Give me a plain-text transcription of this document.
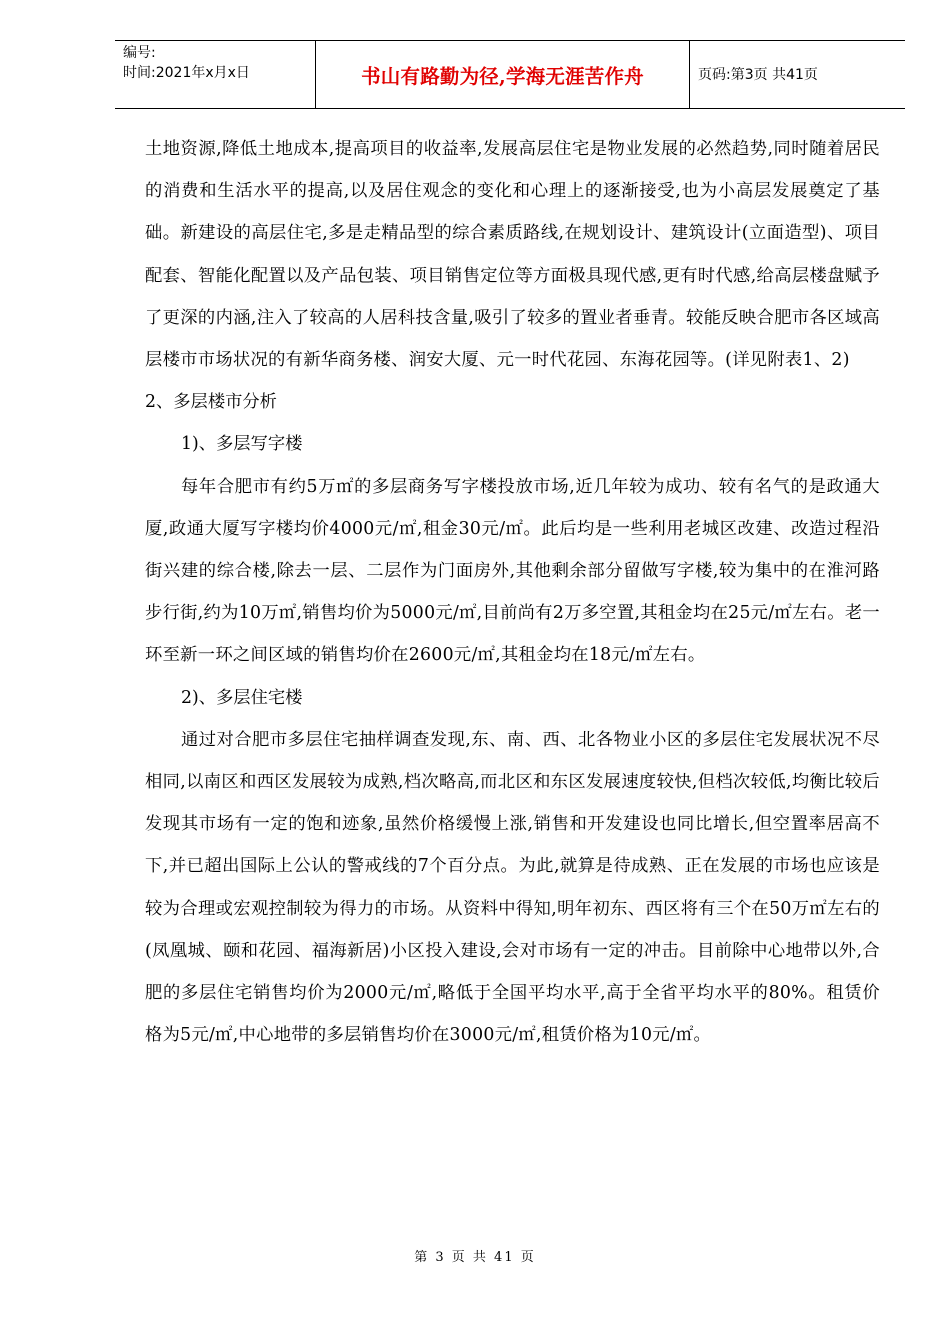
编号:
时间:2021年x月x日	书山有路勤为径,学海无涯苦作舟	页码:第3页 共41页
土地资源,降低土地成本,提高项目的收益率,发展高层住宅是物业发展的必然趋势,同时随着居民的消费和生活水平的提高,以及居住观念的变化和心理上的逐渐接受,也为小高层发展奠定了基础。新建设的高层住宅,多是走精品型的综合素质路线,在规划设计、建筑设计(立面造型)、项目配套、智能化配置以及产品包装、项目销售定位等方面极具现代感,更有时代感,给高层楼盘赋予了更深的内涵,注入了较高的人居科技含量,吸引了较多的置业者垂青。较能反映合肥市各区域高层楼市市场状况的有新华商务楼、润安大厦、元一时代花园、东海花园等。(详见附表1、2)
2、多层楼市分析
1)、多层写字楼
每年合肥市有约5万㎡的多层商务写字楼投放市场,近几年较为成功、较有名气的是政通大厦,政通大厦写字楼均价4000元/㎡,租金30元/㎡。此后均是一些利用老城区改建、改造过程沿街兴建的综合楼,除去一层、二层作为门面房外,其他剩余部分留做写字楼,较为集中的在淮河路步行街,约为10万㎡,销售均价为5000元/㎡,目前尚有2万多空置,其租金均在25元/㎡左右。老一环至新一环之间区域的销售均价在2600元/㎡,其租金均在18元/㎡左右。
2)、多层住宅楼
通过对合肥市多层住宅抽样调查发现,东、南、西、北各物业小区的多层住宅发展状况不尽相同,以南区和西区发展较为成熟,档次略高,而北区和东区发展速度较快,但档次较低,均衡比较后发现其市场有一定的饱和迹象,虽然价格缓慢上涨,销售和开发建设也同比增长,但空置率居高不下,并已超出国际上公认的警戒线的7个百分点。为此,就算是待成熟、正在发展的市场也应该是较为合理或宏观控制较为得力的市场。从资料中得知,明年初东、西区将有三个在50万㎡左右的(凤凰城、颐和花园、福海新居)小区投入建设,会对市场有一定的冲击。目前除中心地带以外,合肥的多层住宅销售均价为2000元/㎡,略低于全国平均水平,高于全省平均水平的80%。租赁价格为5元/㎡,中心地带的多层销售均价在3000元/㎡,租赁价格为10元/㎡。
第 3 页 共 41 页
